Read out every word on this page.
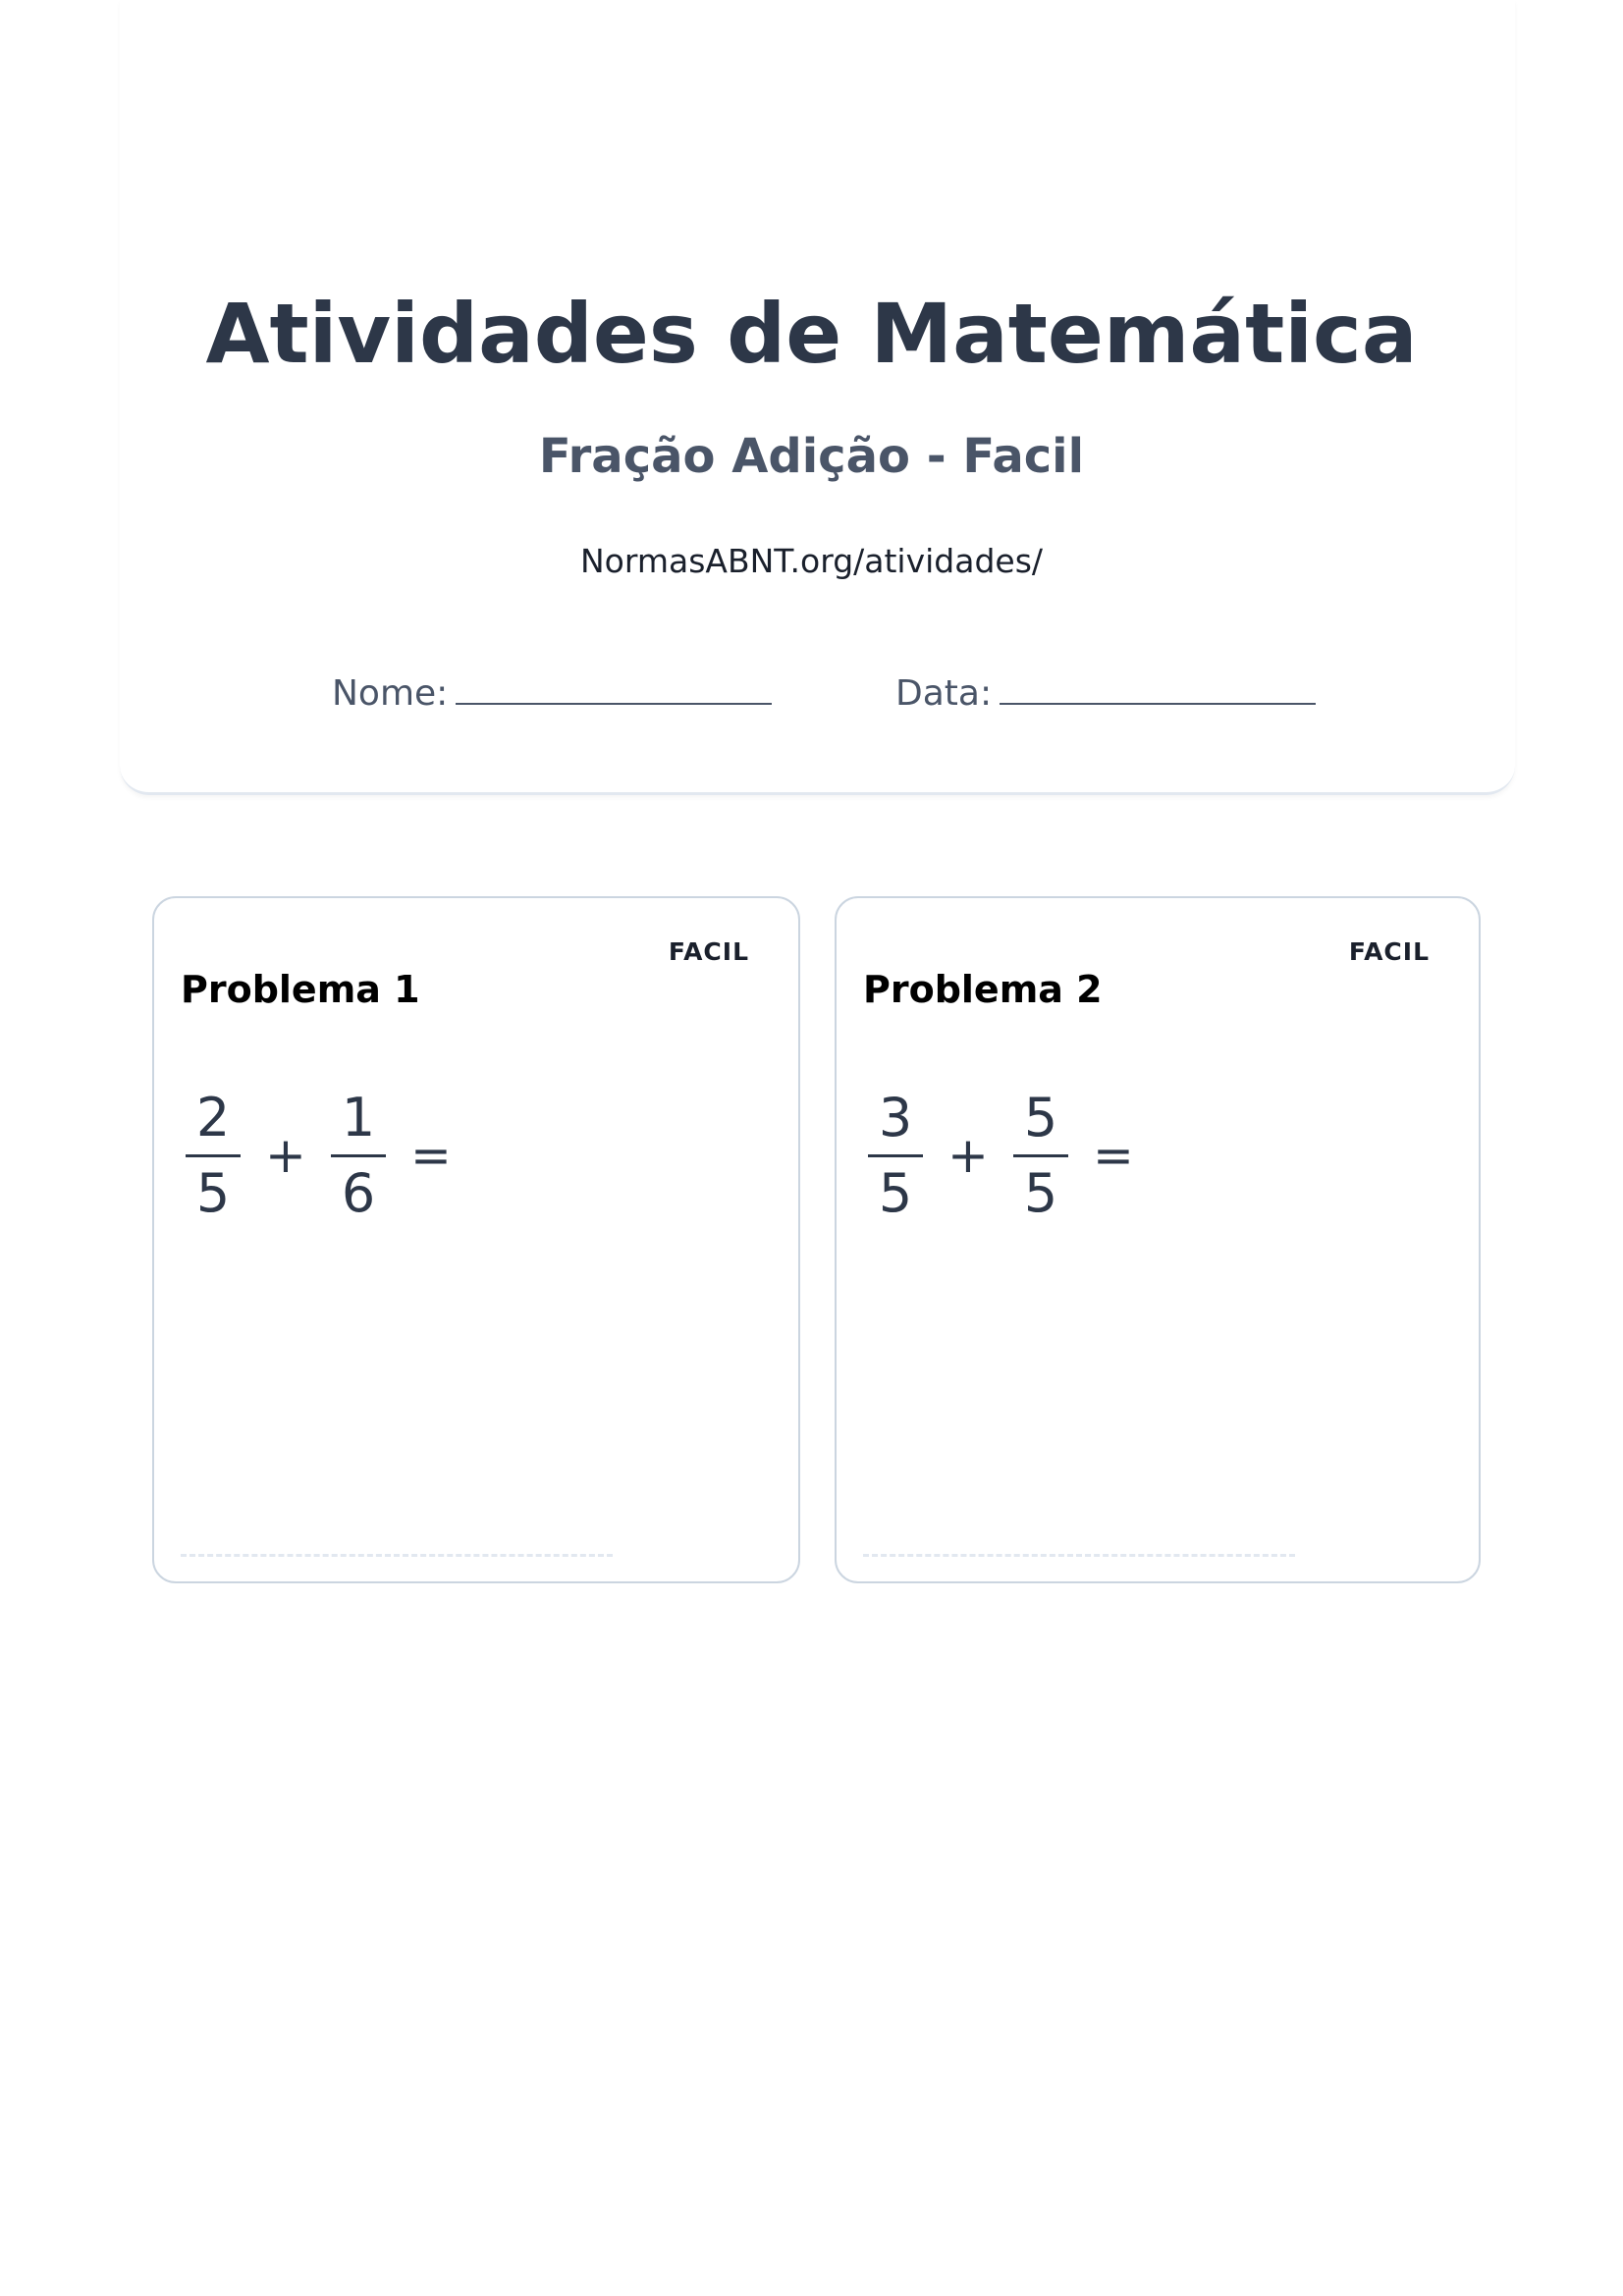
Atividades de Matemática
Fração Adição - Facil
NormasABNT.org/atividades/
Nome:	Data:
FACIL
Problema 1
$\frac{2}{5} + \frac{1}{6}$ =
FACIL
Problema 2
$\frac{3}{5} + \frac{5}{5}$ =
